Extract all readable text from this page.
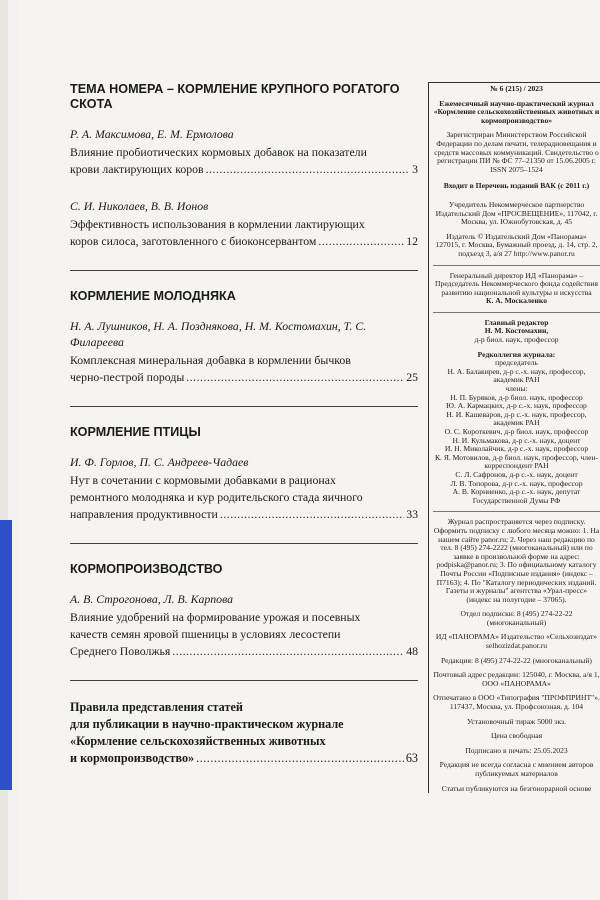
ТЕМА НОМЕРА – КОРМЛЕНИЕ КРУПНОГО РОГАТОГО СКОТА
Р. А. Максимова, Е. М. Ермолова
Влияние пробиотических кормовых добавок на показатели
крови лактирующих коров .....	3
С. И. Николаев, В. В. Ионов
Эффективность использования в кормлении лактирующих
коров силоса, заготовленного с биоконсервантом .....	12
КОРМЛЕНИЕ МОЛОДНЯКА
Н. А. Лушников, Н. А. Позднякова, Н. М. Костомахин, Т. С. Филареева
Комплексная минеральная добавка в кормлении бычков
черно-пестрой породы .....	25
КОРМЛЕНИЕ ПТИЦЫ
И. Ф. Горлов, П. С. Андреев-Чадаев
Нут в сочетании с кормовыми добавками в рационах
ремонтного молодняка и кур родительского стада яичного
направления продуктивности .....	33
КОРМОПРОИЗВОДСТВО
А. В. Строгонова, Л. В. Карпова
Влияние удобрений на формирование урожая и посевных
качеств семян яровой пшеницы в условиях лесостепи
Среднего Поволжья .....	48
Правила представления статей
для публикации в научно-практическом журнале
«Кормление сельскохозяйственных животных
и кормопроизводство» .....	63

№ 6 (215) / 2023

Ежемесячный научно-практический журнал

«Кормление сельскохозяйственных животных и кормопроизводство»

Зарегистриран Министерством Российской Федерации по делам печати, телерадиовещания и средств массовых коммуникаций. Свидетельство о регистрации ПИ № ФС 77–21350 от 15.06.2005 г. ISSN 2075–1524

Входит в Перечень изданий ВАК (с 2011 г.)

Учредитель Некоммерческое партнерство Издательский Дом «ПРОСВЕЩЕНИЕ», 117042, г. Москва, ул. Южнобутовская, д. 45

Издатель © Издательский Дом «Панорама» 127015, г. Москва, Бумажный проезд, д. 14, стр. 2, подъезд 3, а/я 27 http://www.panor.ru

Генеральный директор ИД «Панорама» – Председатель Некоммерческого фонда содействия развитию национальной культуры и искусства
К. А. Москаленко

Главный редактор
Н. М. Костомахин,
д-р биол. наук, профессор

Редколлегия журнала:

председатель

Н. А. Балакирев, д-р с.-х. наук, профессор, академик РАН

члены:

Н. П. Буряков, д-р биол. наук, профессор

Ю. А. Кармацких, д-р с.-х. наук, профессор

Н. И. Кашеваров, д-р с.-х. наук, профессор, академик РАН

О. С. Короткевич, д-р биол. наук, профессор

Н. И. Кульмакова, д-р с.-х. наук, доцент

И. Н. Миколайчик, д-р с.-х. наук, профессор

К. Я. Мотовилов, д-р биол. наук, профессор, член-корреспондент РАН

С. Л. Сафронов, д-р с.-х. наук, доцент

Л. В. Топорова, д-р с.-х. наук, профессор

А. В. Корниенко, д-р с.-х. наук, депутат Государственной Думы РФ

Журнал распространяется через подписку. Оформить подписку с любого месяца можно: 1. На нашем сайте panor.ru; 2. Через наш редакцию по тел. 8 (495) 274-2222 (многоканальный) или по заявке в произвольной форме на адрес: podpiska@panor.ru; 3. По официальному каталогу Почты России «Подписные издания» (индекс – П7163); 4. По "Каталогу периодических изданий. Газеты и журналы" агентства «Урал-пресс» (индекс на полугодие – 37065).

Отдел подписки: 8 (495) 274-22-22 (многоканальный)

ИД «ПАНОРАМА» Издательство «Сельхозиздат» selhozizdat.panor.ru

Редакция: 8 (495) 274-22-22 (многоканальный)

Почтовый адрес редакции: 125040, г. Москва, а/я 1, ООО «ПАНОРАМА»

Отпечатано в ООО «Типография "ПРОФПРИНТ"». 117437, Москва, ул. Профсоюзная, д. 104

Установочный тираж 5000 экз.

Цена свободная

Подписано в печать: 25.05.2023

Редакция не всегда согласна с мнением авторов публикуемых материалов

Статьи публикуются на безгонорарной основе
